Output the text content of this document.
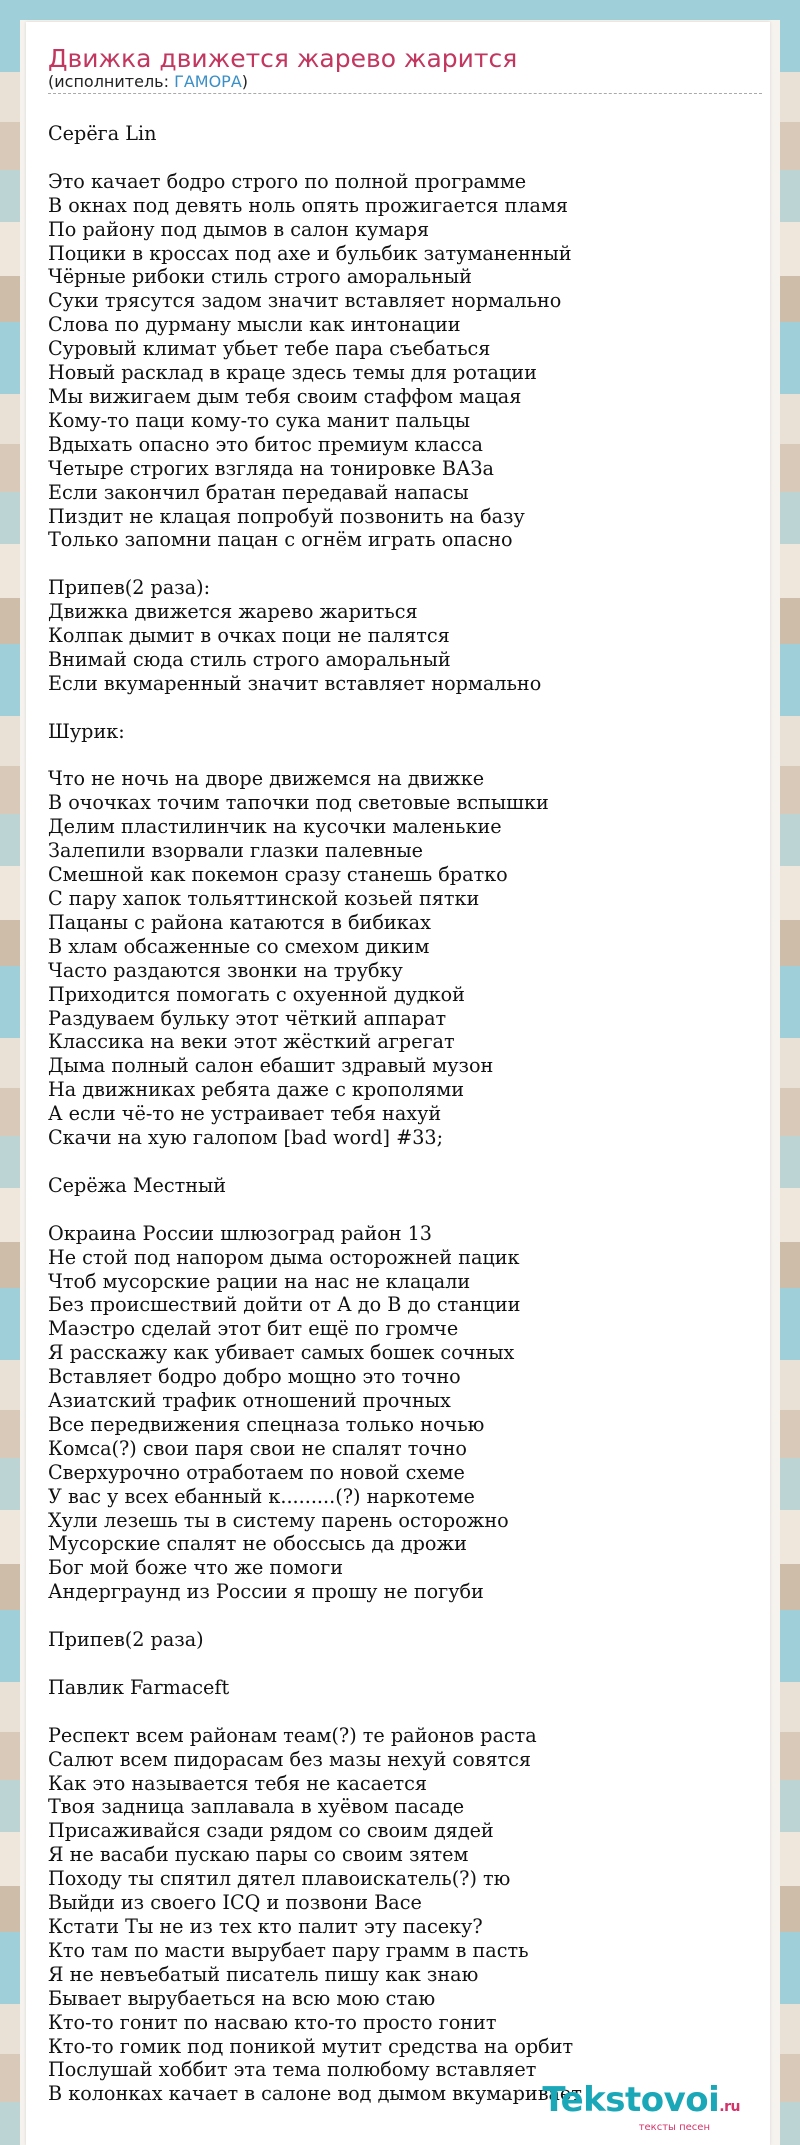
Движка движется жарево жарится
(исполнитель: ГАМОРА)
Серёга Lin

Это качает бодро строго по полной программе
В окнах под девять ноль опять прожигается пламя
По району под дымов в салон кумаря
Поцики в кроссах под ахе и бульбик затуманенный
Чёрные рибоки стиль строго аморальный
Суки трясутся задом значит вставляет нормально
Слова по дурману мысли как интонации
Суровый климат убьет тебе пара съебаться
Новый расклад в краце здесь темы для ротации
Мы вижигаем дым тебя своим стаффом мацая
Кому-то паци кому-то сука манит пальцы
Вдыхать опасно это битос премиум класса
Четыре строгих взгляда на тонировке ВАЗа
Если закончил братан передавай напасы
Пиздит не клацая попробуй позвонить на базу
Только запомни пацан с огнём играть опасно

Припев(2 раза):
Движка движется жарево жариться
Колпак дымит в очках поци не палятся
Внимай сюда стиль строго аморальный
Если вкумаренный значит вставляет нормально

Шурик:

Что не ночь на дворе движемся на движке
В очочках точим тапочки под световые вспышки
Делим пластилинчик на кусочки маленькие
Залепили взорвали глазки палевные
Смешной как покемон сразу станешь братко
С пару хапок тольяттинской козьей пятки
Пацаны с района катаются в бибиках
В хлам обсаженные со смехом диким
Часто раздаются звонки на трубку
Приходится помогать с охуенной дудкой
Раздуваем бульку этот чёткий аппарат
Классика на веки этот жёсткий агрегат
Дыма полный салон ебашит здравый музон
На движниках ребята даже с кpополями
А если чё-то не устраивает тебя нахуй
Скачи на хую галопом [bad word] #33;

Серёжа Местный

Окраина России шлюзоград район 13
Не стой под напором дыма осторожней пацик
Чтоб мусорские рации на нас не клацали
Без происшествий дойти от А до В до станции
Маэстро сделай этот бит ещё по громче
Я расскажу как убивает самых бошек сочных
Вставляет бодро добро мощно это точно
Азиатский трафик отношений прочных
Все передвижения спецназа только ночью
Комса(?) свои паря свои не спалят точно
Сверхурочно отработаем по новой схеме
У вас у всех ебанный к.........(?) наркотеме
Хули лезешь ты в систему парень осторожно
Мусорские спалят не обоссысь да дрожи
Бог мой боже что же помоги
Андерграунд из России я прошу не погуби

Припев(2 раза)

Павлик Farmaceft

Респект всем районам теам(?) те районов раста
Салют всем пидорасам без мазы нехуй совятся
Как это называется тебя не касается
Твоя задница заплавала в хуёвом пасаде
Присаживайся сзади рядом со своим дядей
Я не васаби пускаю пары со своим зятем
Походу ты спятил дятел плавоискатель(?) тю
Выйди из своего ICQ и позвони Васе
Кстати Ты не из тех кто палит эту пасеку?
Кто там по масти вырубает пару грамм в пасть
Я не невъебатый писатель пишу как знаю
Бывает вырубаеться на всю мою стаю
Кто-то гонит по насваю кто-то просто гонит
Кто-то гомик под поникой мутит средства на орбит
Послушай хоббит эта тема полюбому вставляет
В колонках качает в салоне вод дымом вкумаривает
Tekstovoi.ru
тексты песен
